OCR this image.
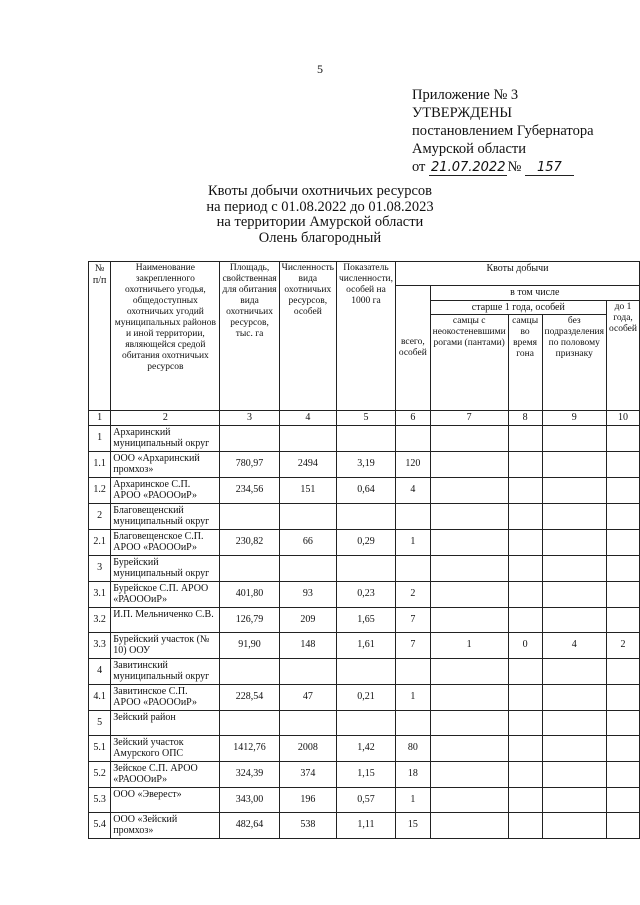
5
Приложение № 3
УТВЕРЖДЕНЫ
постановлением Губернатора
Амурской области
от 21.07.2022 № 157
Квоты добычи охотничьих ресурсов
на период с 01.08.2022 до 01.08.2023
на территории Амурской области
Олень благородный
№ п/п	Наименование закрепленного охотничьего угодья, общедоступных охотничьих угодий муниципальных районов и иной территории, являющейся средой обитания охотничьих ресурсов	Площадь, свойственная для обитания вида охотничьих ресурсов, тыс. га	Численность вида охотничьих ресурсов, особей	Показатель численности, особей на 1000 га	Квоты добычи				
					всего, особей	в том числе			
						старше 1 года, особей			до 1 года, особей
						самцы с неокостеневшими рогами (пантами)	самцы во время гона	без подразделения по половому признаку	
1	2	3	4	5	6	7	8	9	10
1	Архаринский муниципальный округ								
1.1	ООО «Архаринский промхоз»	780,97	2494	3,19	120				
1.2	Архаринское С.П. АРОО «РАОООиР»	234,56	151	0,64	4				
2	Благовещенский муниципальный округ								
2.1	Благовещенское С.П. АРОО «РАОООиР»	230,82	66	0,29	1				
3	Бурейский муниципальный округ								
3.1	Бурейское С.П. АРОО «РАОООиР»	401,80	93	0,23	2				
3.2	И.П. Мельниченко С.В.	126,79	209	1,65	7				
3.3	Бурейский участок (№ 10) ООУ	91,90	148	1,61	7	1	0	4	2
4	Завитинский муниципальный округ								
4.1	Завитинское С.П. АРОО «РАОООиР»	228,54	47	0,21	1				
5	Зейский район								
5.1	Зейский участок Амурского ОПС	1412,76	2008	1,42	80				
5.2	Зейское С.П. АРОО «РАОООиР»	324,39	374	1,15	18				
5.3	ООО «Эверест»	343,00	196	0,57	1				
5.4	ООО «Зейский промхоз»	482,64	538	1,11	15				
